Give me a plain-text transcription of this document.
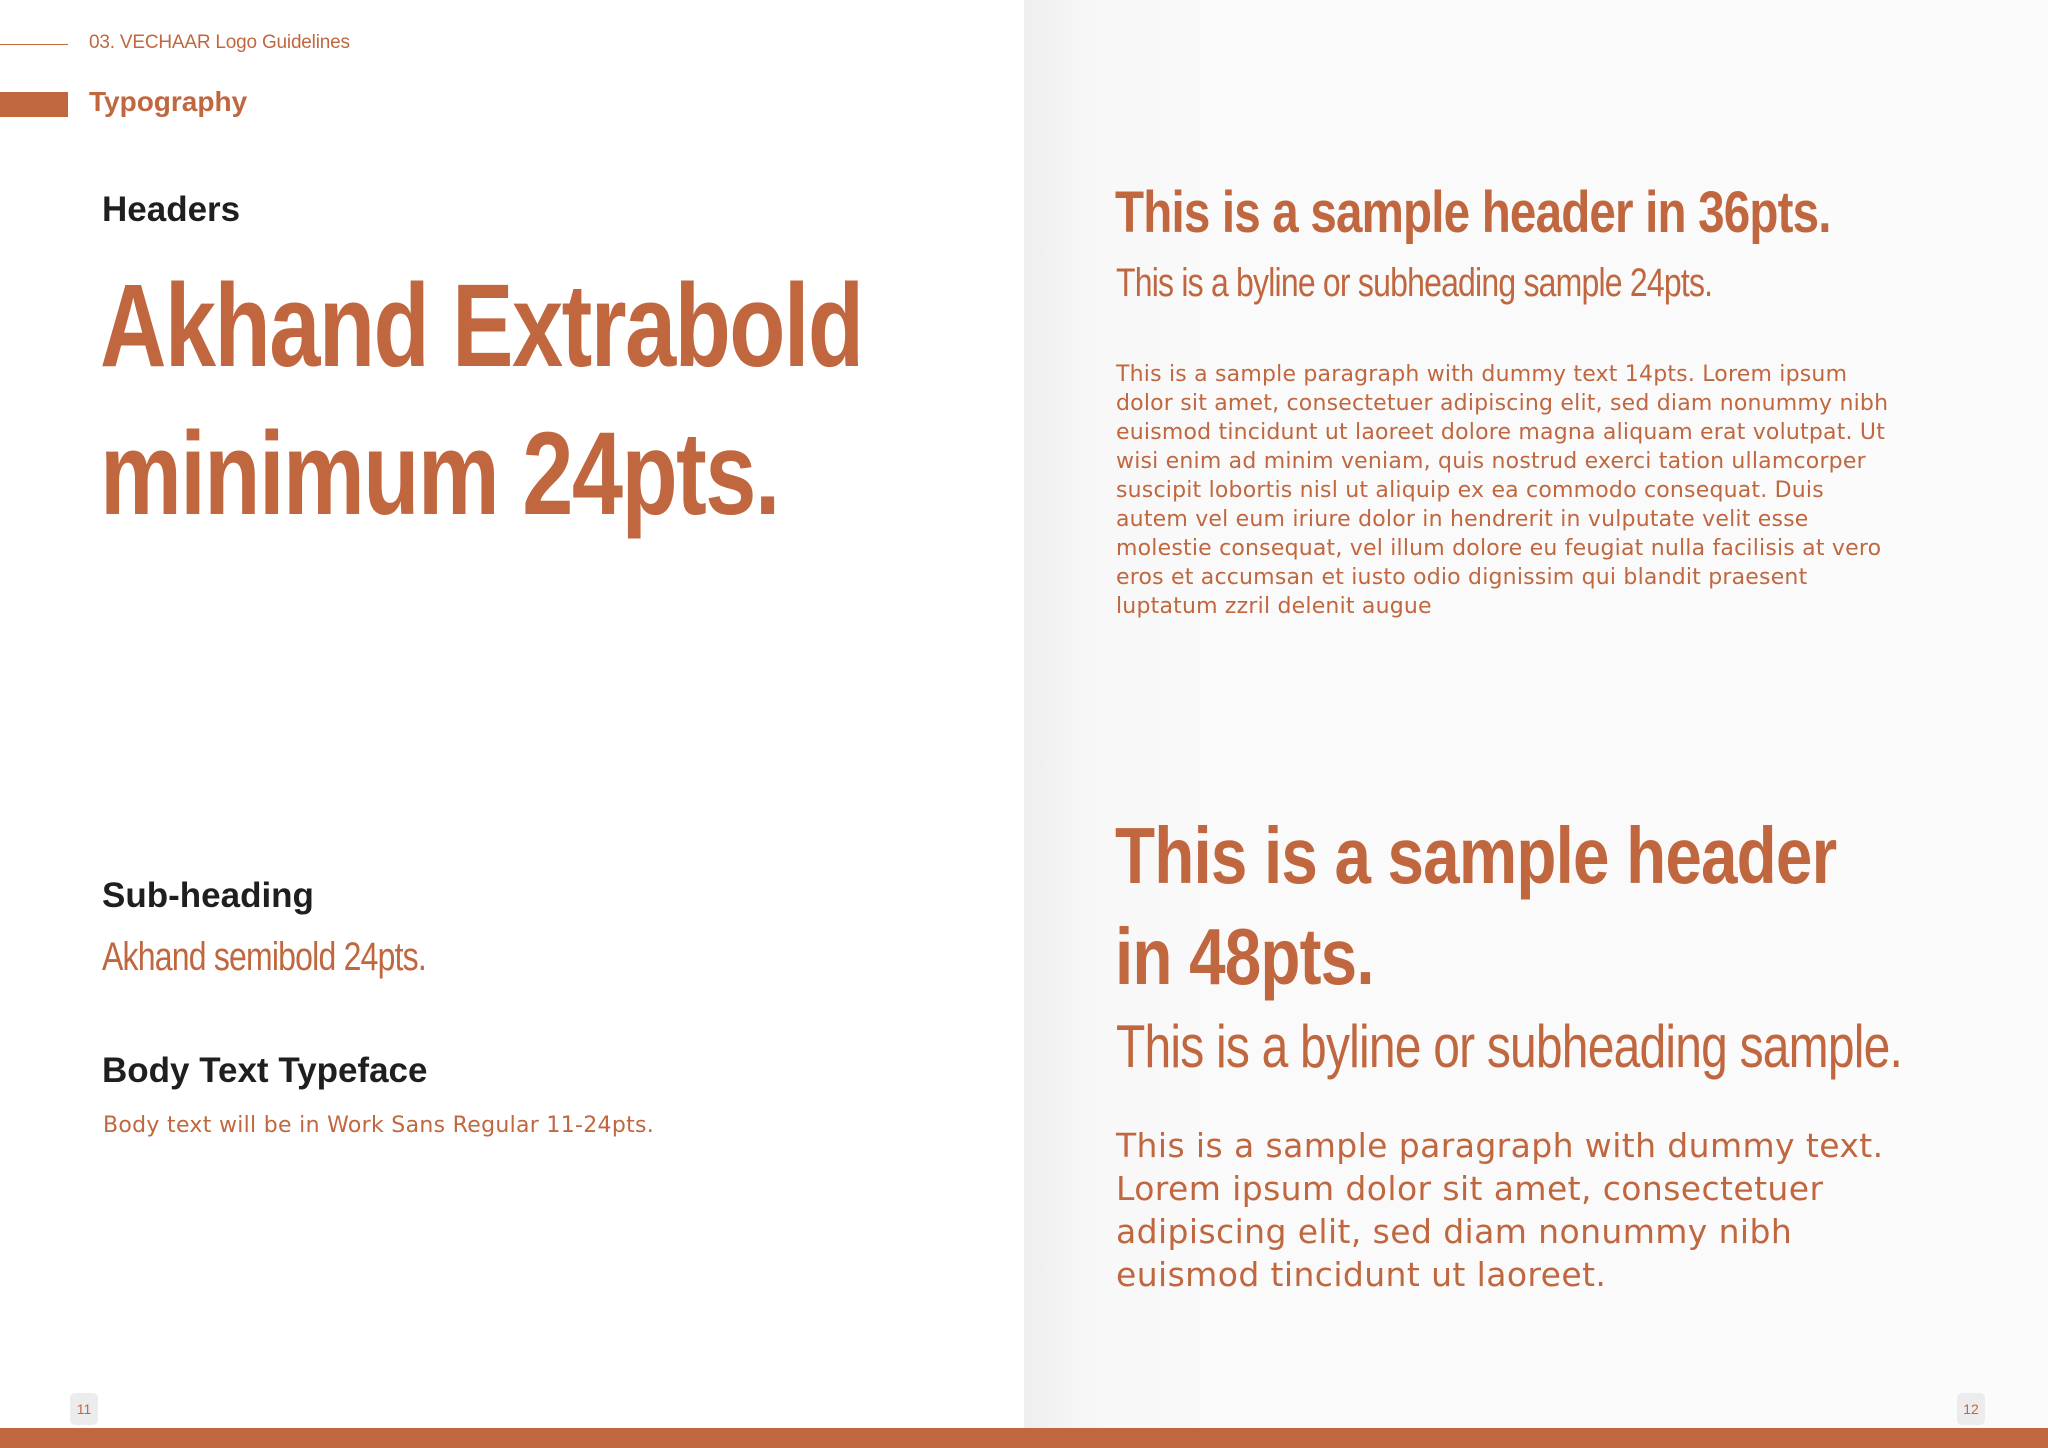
03. VECHAAR Logo Guidelines
Typography
Headers
Akhand Extrabold
minimum 24pts.
Sub-heading
Akhand semibold 24pts.
Body Text Typeface
Body text will be in Work Sans Regular 11-24pts.
11
This is a sample header in 36pts.
This is a byline or subheading sample 24pts.
This is a sample paragraph with dummy text 14pts. Lorem ipsum
dolor sit amet, consectetuer adipiscing elit, sed diam nonummy nibh
euismod tincidunt ut laoreet dolore magna aliquam erat volutpat. Ut
wisi enim ad minim veniam, quis nostrud exerci tation ullamcorper
suscipit lobortis nisl ut aliquip ex ea commodo consequat. Duis
autem vel eum iriure dolor in hendrerit in vulputate velit esse
molestie consequat, vel illum dolore eu feugiat nulla facilisis at vero
eros et accumsan et iusto odio dignissim qui blandit praesent
luptatum zzril delenit augue
This is a sample header
in 48pts.
This is a byline or subheading sample.
This is a sample paragraph with dummy text.
Lorem ipsum dolor sit amet, consectetuer
adipiscing elit, sed diam nonummy nibh
euismod tincidunt ut laoreet.
12
